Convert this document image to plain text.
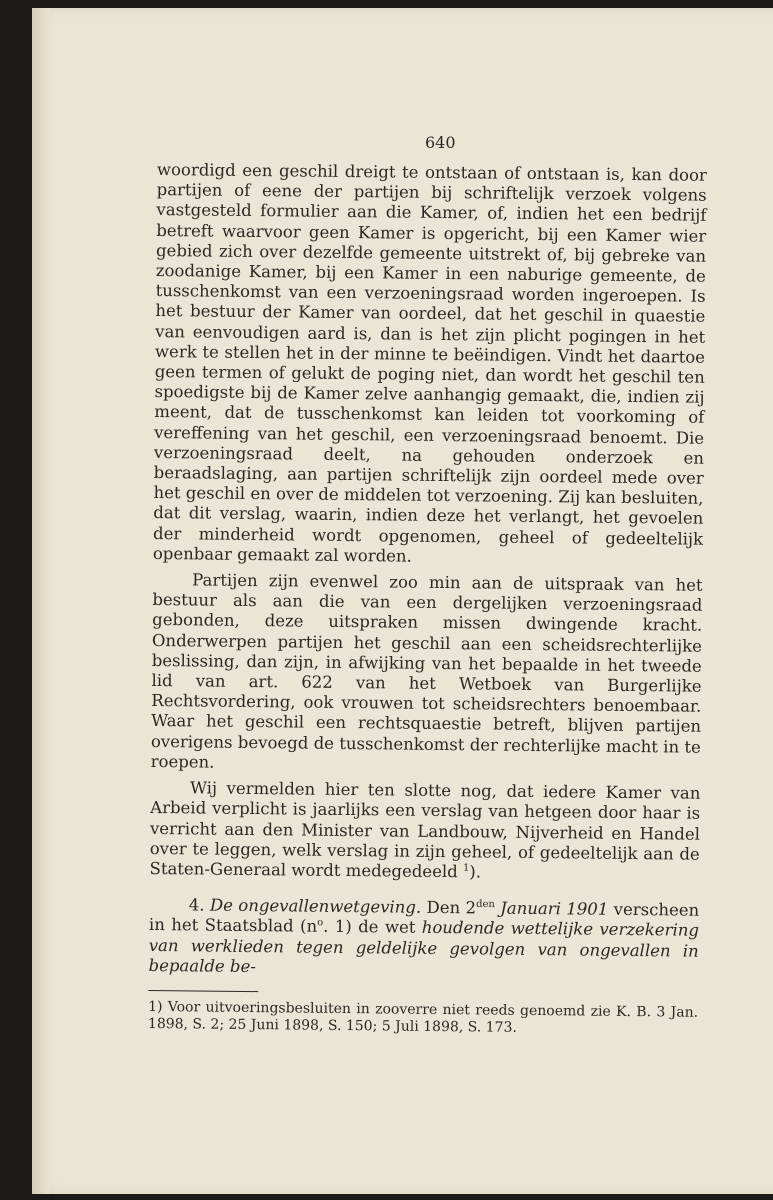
640

woordigd een geschil dreigt te ontstaan of ontstaan is, kan door partijen of eene der partijen bij schriftelijk verzoek volgens vastgesteld formulier aan die Kamer, of, indien het een bedrijf betreft waarvoor geen Kamer is opgericht, bij een Kamer wier gebied zich over dezelfde gemeente uitstrekt of, bij gebreke van zoodanige Kamer, bij een Kamer in een naburige gemeente, de tusschenkomst van een verzoeningsraad worden ingeroepen. Is het bestuur der Kamer van oordeel, dat het geschil in quaestie van eenvoudigen aard is, dan is het zijn plicht pogingen in het werk te stellen het in der minne te beëindigen. Vindt het daartoe geen termen of gelukt de poging niet, dan wordt het geschil ten spoedigste bij de Kamer zelve aanhangig gemaakt, die, indien zij meent, dat de tusschenkomst kan leiden tot voorkoming of vereffening van het geschil, een verzoeningsraad benoemt. Die verzoeningsraad deelt, na gehouden onderzoek en beraadslaging, aan partijen schriftelijk zijn oordeel mede over het geschil en over de middelen tot verzoening. Zij kan besluiten, dat dit verslag, waarin, indien deze het verlangt, het gevoelen der minderheid wordt opgenomen, geheel of gedeeltelijk openbaar gemaakt zal worden.

Partijen zijn evenwel zoo min aan de uitspraak van het bestuur als aan die van een dergelijken verzoeningsraad gebonden, deze uitspraken missen dwingende kracht. Onderwerpen partijen het geschil aan een scheidsrechterlijke beslissing, dan zijn, in afwijking van het bepaalde in het tweede lid van art. 622 van het Wetboek van Burgerlijke Rechtsvordering, ook vrouwen tot scheidsrechters benoembaar. Waar het geschil een rechtsquaestie betreft, blijven partijen overigens bevoegd de tusschenkomst der rechterlijke macht in te roepen.

Wij vermelden hier ten slotte nog, dat iedere Kamer van Arbeid verplicht is jaarlijks een verslag van hetgeen door haar is verricht aan den Minister van Landbouw, Nijverheid en Handel over te leggen, welk verslag in zijn geheel, of gedeeltelijk aan de Staten-Generaal wordt medegedeeld $^1$).

4. De ongevallenwetgeving. Den $2^{den}$ Januari 1901 verscheen in het Staatsblad ($n^o$. 1) de wet houdende wettelijke verzekering van werklieden tegen geldelijke gevolgen van ongevallen in bepaalde be-

1) Voor uitvoeringsbesluiten in zooverre niet reeds genoemd zie K. B. 3 Jan. 1898, S. 2; 25 Juni 1898, S. 150; 5 Juli 1898, S. 173.
